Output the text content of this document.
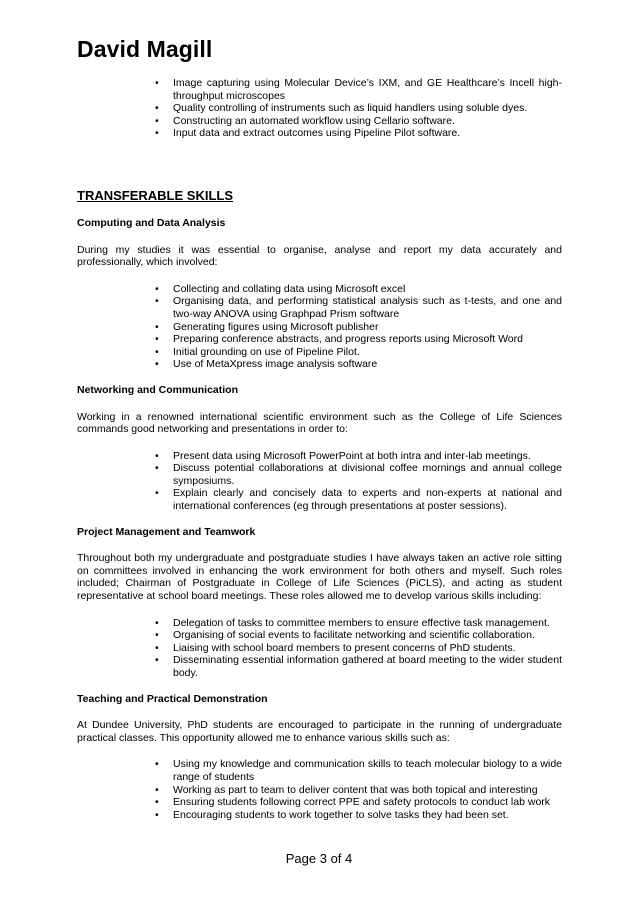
David Magill
• Image capturing using Molecular Device’s IXM, and GE Healthcare’s Incell high-throughput microscopes
• Quality controlling of instruments such as liquid handlers using soluble dyes.
• Constructing an automated workflow using Cellario software.
• Input data and extract outcomes using Pipeline Pilot software.
TRANSFERABLE SKILLS
Computing and Data Analysis

During my studies it was essential to organise, analyse and report my data accurately and professionally, which involved:

• Collecting and collating data using Microsoft excel
• Organising data, and performing statistical analysis such as t-tests, and one and two-way ANOVA using Graphpad Prism software
• Generating figures using Microsoft publisher
• Preparing conference abstracts, and progress reports using Microsoft Word
• Initial grounding on use of Pipeline Pilot.
• Use of MetaXpress image analysis software
Networking and Communication

Working in a renowned international scientific environment such as the College of Life Sciences commands good networking and presentations in order to:

• Present data using Microsoft PowerPoint at both intra and inter-lab meetings.
• Discuss potential collaborations at divisional coffee mornings and annual college symposiums.
• Explain clearly and concisely data to experts and non-experts at national and international conferences (eg through presentations at poster sessions).
Project Management and Teamwork

Throughout both my undergraduate and postgraduate studies I have always taken an active role sitting on committees involved in enhancing the work environment for both others and myself. Such roles included; Chairman of Postgraduate in College of Life Sciences (PiCLS), and acting as student representative at school board meetings. These roles allowed me to develop various skills including:

• Delegation of tasks to committee members to ensure effective task management.
• Organising of social events to facilitate networking and scientific collaboration.
• Liaising with school board members to present concerns of PhD students.
• Disseminating essential information gathered at board meeting to the wider student body.
Teaching and Practical Demonstration

At Dundee University, PhD students are encouraged to participate in the running of undergraduate practical classes. This opportunity allowed me to enhance various skills such as:

• Using my knowledge and communication skills to teach molecular biology to a wide range of students
• Working as part to team to deliver content that was both topical and interesting
• Ensuring students following correct PPE and safety protocols to conduct lab work
• Encouraging students to work together to solve tasks they had been set.
Page 3 of 4
